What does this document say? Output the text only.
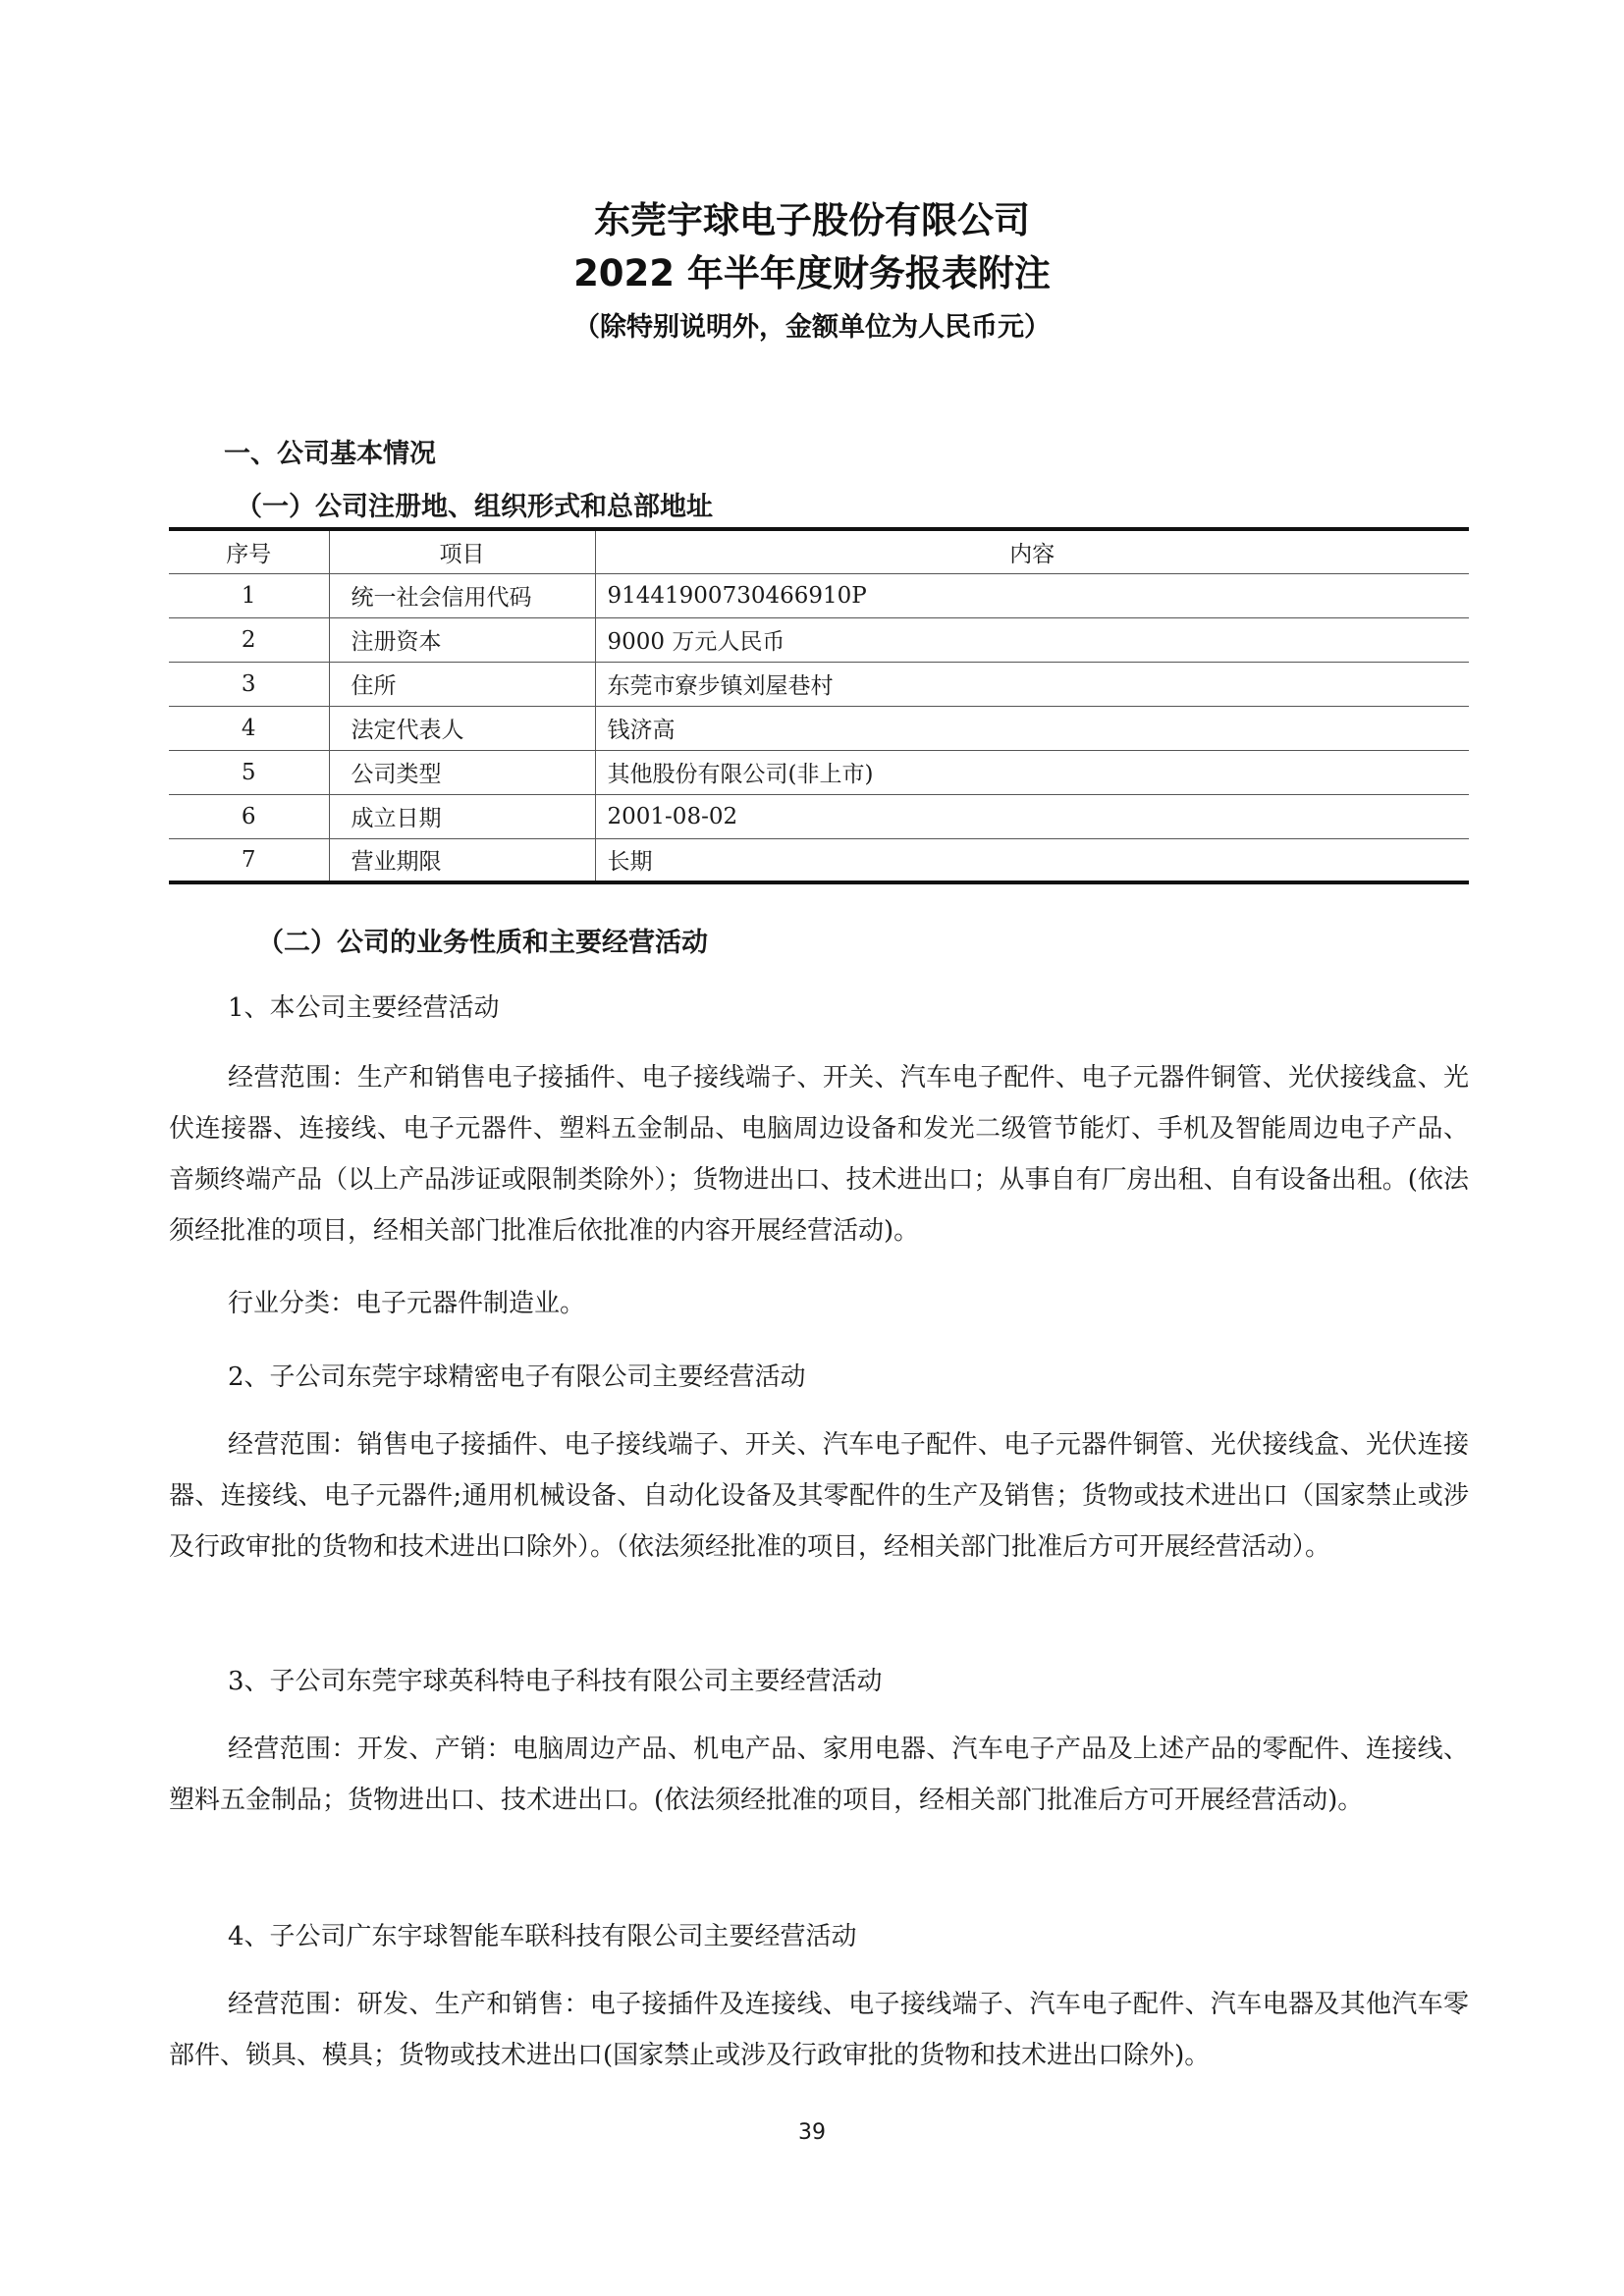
东莞宇球电子股份有限公司
2022 年半年度财务报表附注
（除特别说明外，金额单位为人民币元）
一、公司基本情况
（一）公司注册地、组织形式和总部地址
序号	项目	内容
1	统一社会信用代码	91441900730466910P
2	注册资本	9000 万元人民币
3	住所	东莞市寮步镇刘屋巷村
4	法定代表人	钱济高
5	公司类型	其他股份有限公司(非上市)
6	成立日期	2001-08-02
7	营业期限	长期
（二）公司的业务性质和主要经营活动
1、本公司主要经营活动
经营范围：生产和销售电子接插件、电子接线端子、开关、汽车电子配件、电子元器件铜管、光伏接线盒、光伏连接器、连接线、电子元器件、塑料五金制品、电脑周边设备和发光二级管节能灯、手机及智能周边电子产品、音频终端产品（以上产品涉证或限制类除外）；货物进出口、技术进出口；从事自有厂房出租、自有设备出租。(依法须经批准的项目，经相关部门批准后依批准的内容开展经营活动)。
行业分类：电子元器件制造业。
2、子公司东莞宇球精密电子有限公司主要经营活动
经营范围：销售电子接插件、电子接线端子、开关、汽车电子配件、电子元器件铜管、光伏接线盒、光伏连接器、连接线、电子元器件;通用机械设备、自动化设备及其零配件的生产及销售；货物或技术进出口（国家禁止或涉及行政审批的货物和技术进出口除外）。（依法须经批准的项目，经相关部门批准后方可开展经营活动）。
3、子公司东莞宇球英科特电子科技有限公司主要经营活动
经营范围：开发、产销：电脑周边产品、机电产品、家用电器、汽车电子产品及上述产品的零配件、连接线、塑料五金制品；货物进出口、技术进出口。(依法须经批准的项目，经相关部门批准后方可开展经营活动)。
4、子公司广东宇球智能车联科技有限公司主要经营活动
经营范围：研发、生产和销售：电子接插件及连接线、电子接线端子、汽车电子配件、汽车电器及其他汽车零部件、锁具、模具；货物或技术进出口(国家禁止或涉及行政审批的货物和技术进出口除外)。
39
